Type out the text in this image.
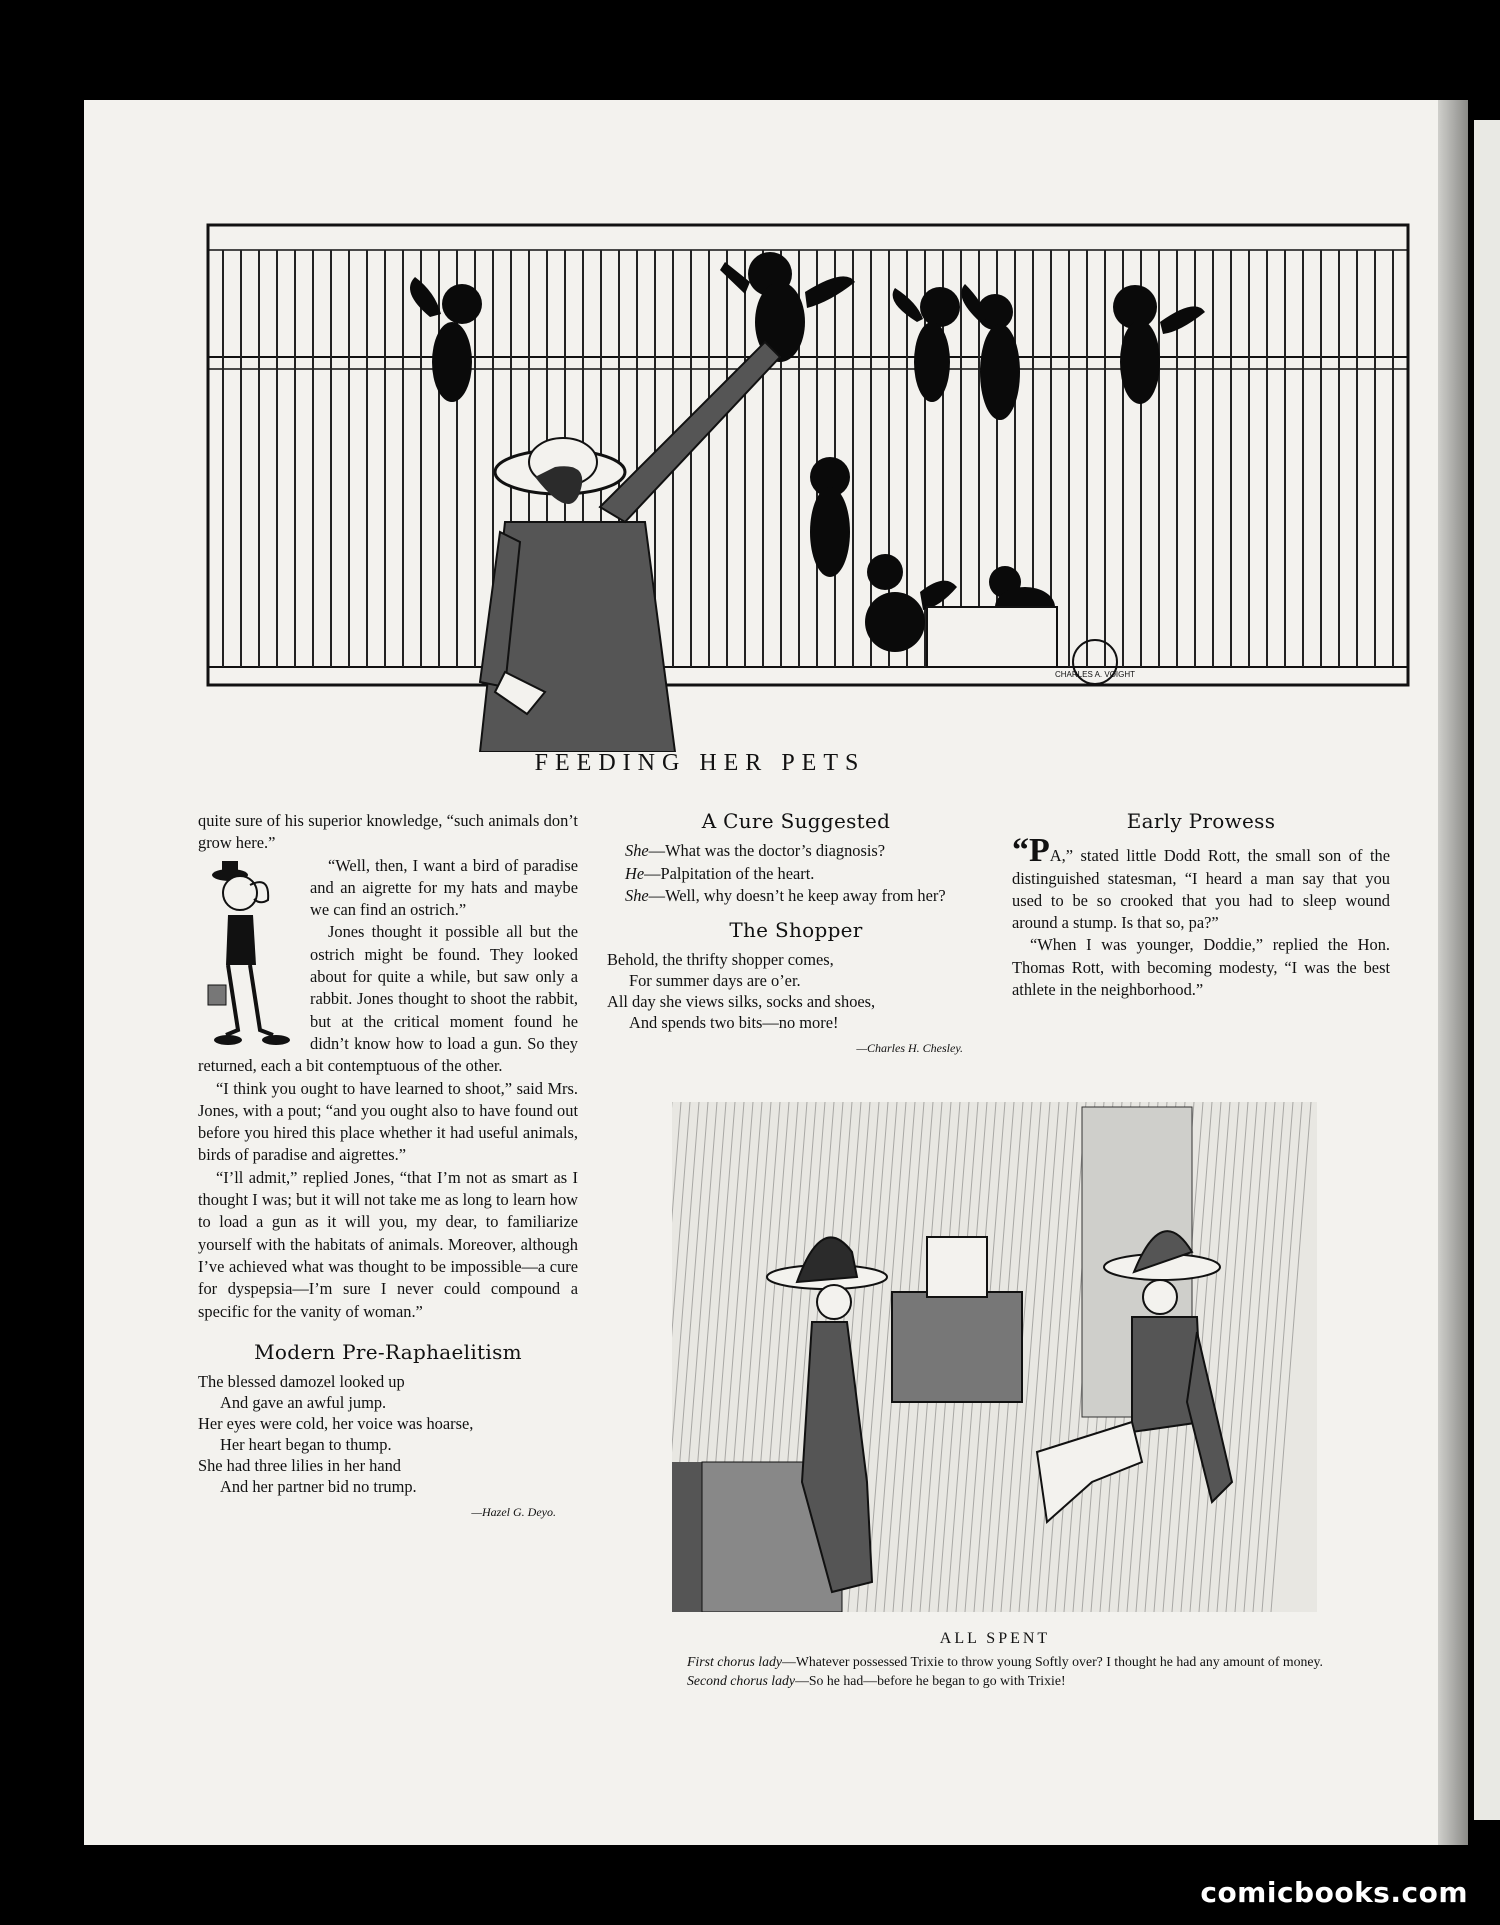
CHARLES A. VOIGHT
FEEDING HER PETS

quite sure of his superior knowledge, “such animals don’t grow here.”

“Well, then, I want a bird of paradise and an aigrette for my hats and maybe we can find an ostrich.”

Jones thought it possible all but the ostrich might be found. They looked about for quite a while, but saw only a rabbit. Jones thought to shoot the rabbit, but at the critical moment found he didn’t know how to load a gun. So they returned, each a bit contemptuous of the other.

“I think you ought to have learned to shoot,” said Mrs. Jones, with a pout; “and you ought also to have found out before you hired this place whether it had useful animals, birds of paradise and aigrettes.”

“I’ll admit,” replied Jones, “that I’m not as smart as I thought I was; but it will not take me as long to learn how to load a gun as it will you, my dear, to familiarize yourself with the habitats of animals. Moreover, although I’ve achieved what was thought to be impossible—a cure for dyspepsia—I’m sure I never could compound a specific for the vanity of woman.”

Modern Pre-Raphaelitism
The blessed damozel looked up
And gave an awful jump.
Her eyes were cold, her voice was hoarse,
Her heart began to thump.
She had three lilies in her hand
And her partner bid no trump.
—Hazel G. Deyo.
A Cure Suggested

She—What was the doctor’s diagnosis?

He—Palpitation of the heart.

She—Well, why doesn’t he keep away from her?

The Shopper
Behold, the thrifty shopper comes,
For summer days are o’er.
All day she views silks, socks and shoes,
And spends two bits—no more!
—Charles H. Chesley.
Early Prowess

“PA,” stated little Dodd Rott, the small son of the distinguished statesman, “I heard a man say that you used to be so crooked that you had to sleep wound around a stump. Is that so, pa?”

“When I was younger, Doddie,” replied the Hon. Thomas Rott, with becoming modesty, “I was the best athlete in the neighborhood.”

ALL SPENT

First chorus lady—Whatever possessed Trixie to throw young Softly over? I thought he had any amount of money.

Second chorus lady—So he had—before he began to go with Trixie!

comicbooks.com
